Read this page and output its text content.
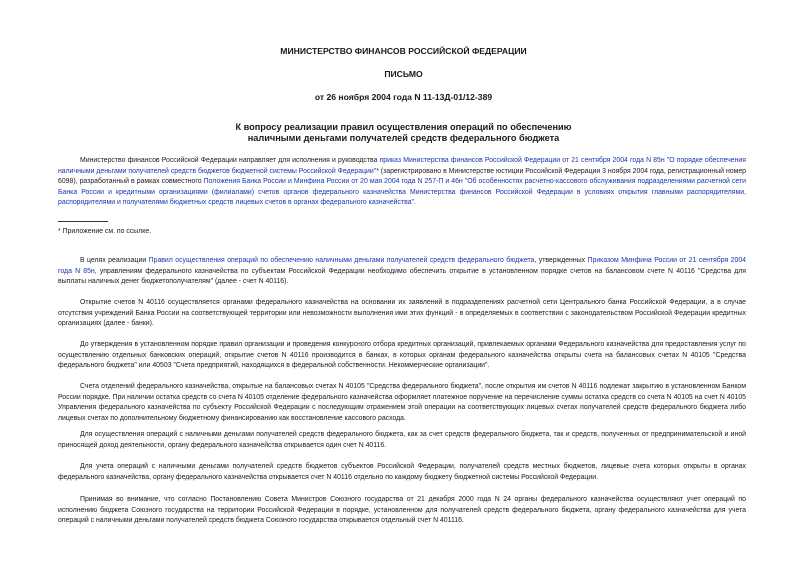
МИНИСТЕРСТВО ФИНАНСОВ РОССИЙСКОЙ ФЕДЕРАЦИИ
ПИСЬМО
от 26 ноября 2004 года N 11-13Д-01/12-389
К вопросу реализации правил осуществления операций по обеспечению
наличными деньгами получателей средств федерального бюджета

Министерство финансов Российской Федерации направляет для исполнения и руководства приказ Министерства финансов Российской Федерации от 21 сентября 2004 года N 85н "О порядке обеспечения наличными деньгами получателей средств бюджетов бюджетной системы Российской Федерации"* (зарегистрировано в Министерстве юстиции Российской Федерации 3 ноября 2004 года, регистрационный номер 6098), разработанный в рамках совместного Положения Банка России и Минфина России от 20 мая 2004 года N 257-П и 46н "Об особенностях расчетно-кассового обслуживания подразделениями расчетной сети Банка России и кредитными организациями (филиалами) счетов органов федерального казначейства Министерства финансов Российской Федерации в условиях открытия главными распорядителями, распорядителями и получателями бюджетных средств лицевых счетов в органах федерального казначейства".

* Приложение см. по ссылке.

В целях реализации Правил осуществления операций по обеспечению наличными деньгами получателей средств федерального бюджета, утвержденных Приказом Минфина России от 21 сентября 2004 года N 85н, управлениям федерального казначейства по субъектам Российской Федерации необходимо обеспечить открытие в установленном порядке счетов на балансовом счете N 40116 "Средства для выплаты наличных денег бюджетополучателям" (далее - счет N 40116).

Открытие счетов N 40116 осуществляется органами федерального казначейства на основании их заявлений в подразделениях расчетной сети Центрального банка Российской Федерации, а в случае отсутствия учреждений Банка России на соответствующей территории или невозможности выполнения ими этих функций - в определяемых в соответствии с законодательством Российской Федерации кредитных организациях (далее - банки).

До утверждения в установленном порядке правил организации и проведения конкурсного отбора кредитных организаций, привлекаемых органами Федерального казначейства для предоставления услуг по осуществлению отдельных банковских операций, открытие счетов N 40116 производится в банках, в которых органам федерального казначейства открыты счета на балансовых счетах N 40105 "Средства федерального бюджета" или 40503 "Счета предприятий, находящихся в федеральной собственности. Некоммерческие организации".

Счета отделений федерального казначейства, открытые на балансовых счетах N 40105 "Средства федерального бюджета", после открытия им счетов N 40116 подлежат закрытию в установленном Банком России порядке. При наличии остатка средств со счета N 40105 отделение федерального казначейства оформляет платежное поручение на перечисление суммы остатка средств со счета N 40105 на счет N 40105 Управления федерального казначейства по субъекту Российской Федерации с последующим отражением этой операции на соответствующих лицевых счетах получателей средств федерального бюджета либо лицевых счетах по дополнительному бюджетному финансированию как восстановление кассового расхода.

Для осуществления операций с наличными деньгами получателей средств федерального бюджета, как за счет средств федерального бюджета, так и средств, полученных от предпринимательской и иной приносящей доход деятельности, органу федерального казначейства открывается один счет N 40116.

Для учета операций с наличными деньгами получателей средств бюджетов субъектов Российской Федерации, получателей средств местных бюджетов, лицевые счета которых открыты в органах федерального казначейства, органу федерального казначейства открывается счет N 40116 отдельно по каждому бюджету бюджетной системы Российской Федерации.

Принимая во внимание, что согласно Постановлению Совета Министров Союзного государства от 21 декабря 2000 года N 24 органы федерального казначейства осуществляют учет операций по исполнению бюджета Союзного государства на территории Российской Федерации в порядке, установленном для получателей средств федерального бюджета, органу федерального казначейства для учета операций с наличными деньгами получателей средств бюджета Союзного государства открывается отдельный счет N 401116.
